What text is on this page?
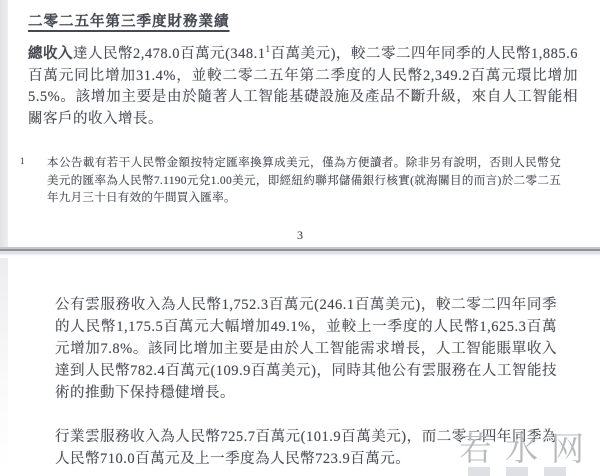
二零二五年第三季度財務業績
總收入達人民幣2,478.0百萬元(348.1$^1$百萬美元)，較二零二四年同季的人民幣1,885.6百萬元同比增加31.4%，並較二零二五年第二季度的人民幣2,349.2百萬元環比增加5.5%。該增加主要是由於隨著人工智能基礎設施及產品不斷升級，來自人工智能相關客戶的收入增長。
1 本公告載有若干人民幣金額按特定匯率換算成美元，僅為方便讀者。除非另有說明，否則人民幣兌美元的匯率為人民幣7.1190元兌1.00美元，即經紐約聯邦儲備銀行核實(就海關目的而言)於二零二五年九月三十日有效的午間買入匯率。
3
公有雲服務收入為人民幣1,752.3百萬元(246.1百萬美元)，較二零二四年同季的人民幣1,175.5百萬元大幅增加49.1%，並較上一季度的人民幣1,625.3百萬元增加7.8%。該同比增加主要是由於人工智能需求增長，人工智能賬單收入達到人民幣782.4百萬元(109.9百萬美元)，同時其他公有雲服務在人工智能技術的推動下保持穩健增長。
行業雲服務收入為人民幣725.7百萬元(101.9百萬美元)，而二零二四年同季為人民幣710.0百萬元及上一季度為人民幣723.9百萬元。	若水网
